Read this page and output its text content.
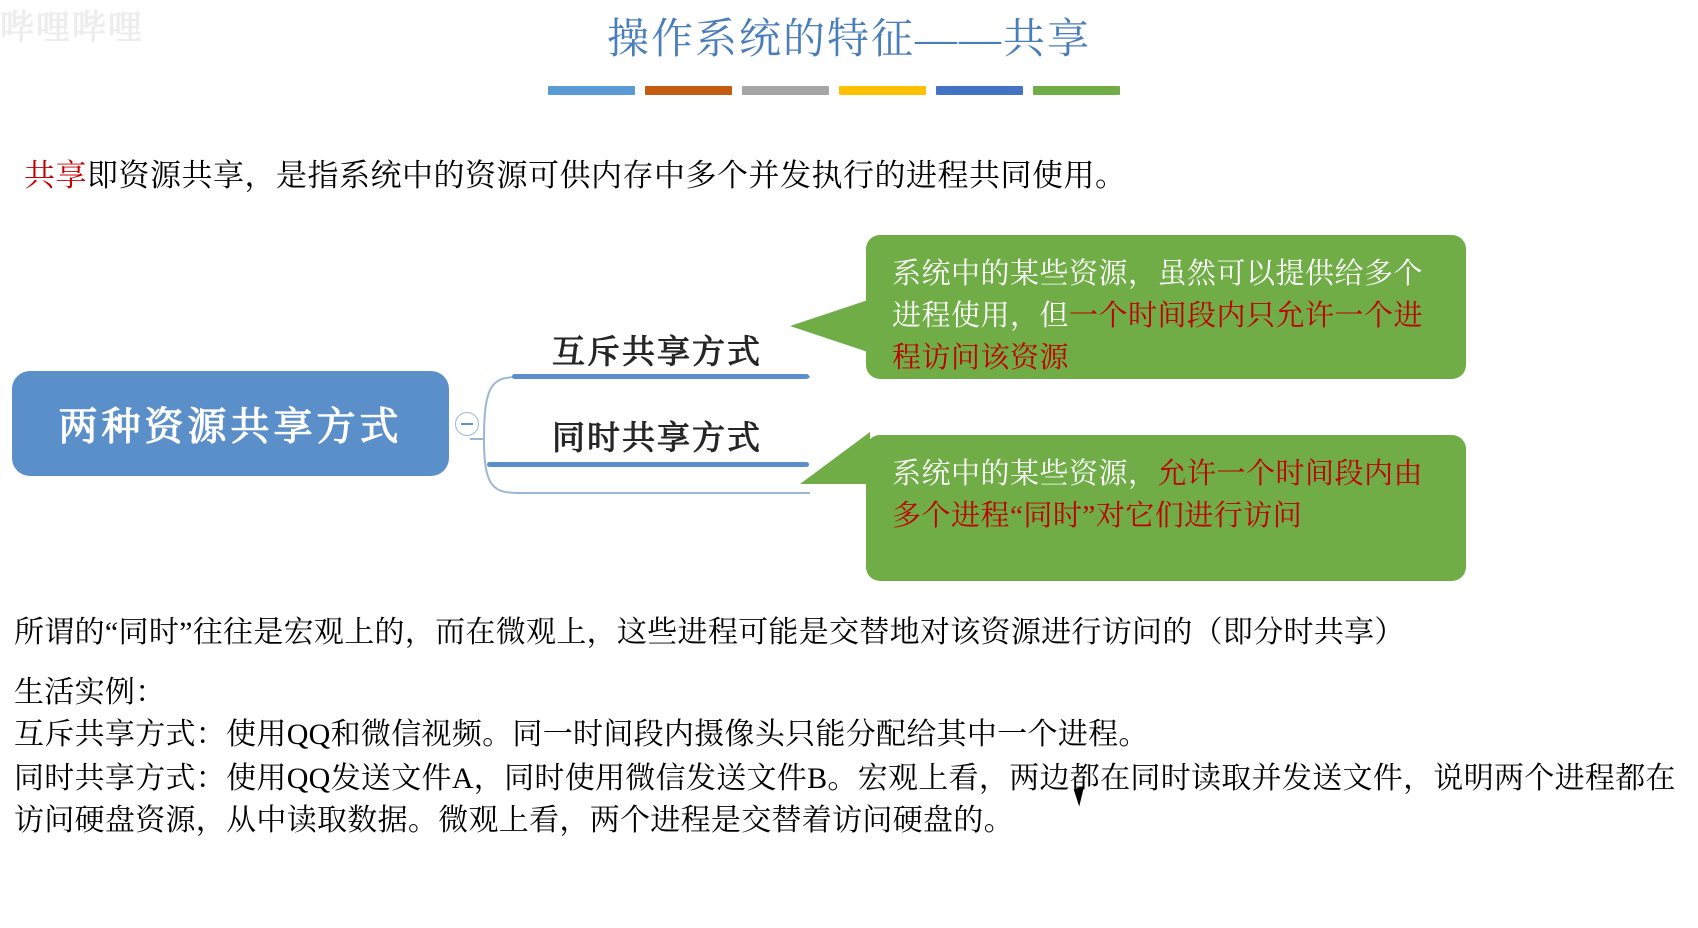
哔哩哔哩	操作系统的特征——共享
共享即资源共享，是指系统中的资源可供内存中多个并发执行的进程共同使用。
两种资源共享方式
互斥共享方式
同时共享方式
系统中的某些资源，虽然可以提供给多个进程使用，但一个时间段内只允许一个进程访问该资源
系统中的某些资源，允许一个时间段内由多个进程“同时”对它们进行访问
所谓的“同时”往往是宏观上的，而在微观上，这些进程可能是交替地对该资源进行访问的（即分时共享）
生活实例：
互斥共享方式：使用QQ和微信视频。同一时间段内摄像头只能分配给其中一个进程。
同时共享方式：使用QQ发送文件A，同时使用微信发送文件B。宏观上看，两边都在同时读取并发送文件，说明两个进程都在访问硬盘资源，从中读取数据。微观上看，两个进程是交替着访问硬盘的。
